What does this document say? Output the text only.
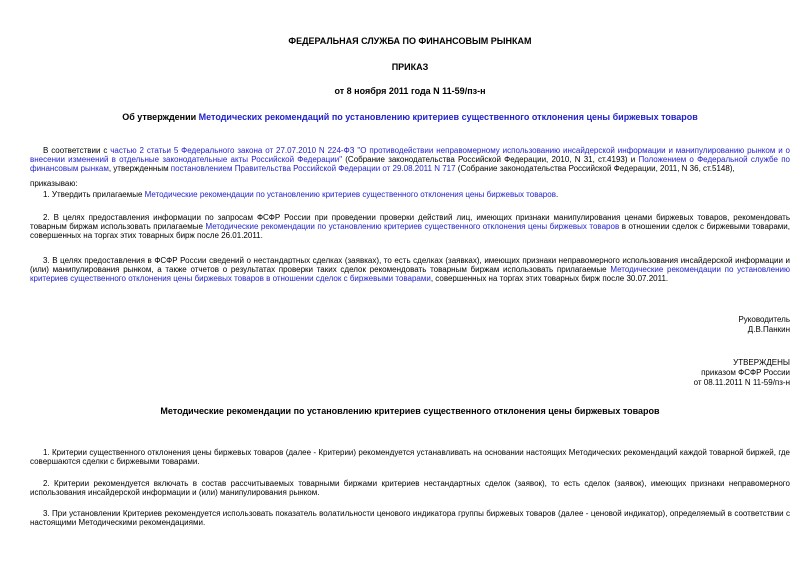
ФЕДЕРАЛЬНАЯ СЛУЖБА ПО ФИНАНСОВЫМ РЫНКАМ
ПРИКАЗ
от 8 ноября 2011 года N 11-59/пз-н
Об утверждении Методических рекомендаций по установлению критериев существенного отклонения цены биржевых товаров
В соответствии с частью 2 статьи 5 Федерального закона от 27.07.2010 N 224-ФЗ "О противодействии неправомерному использованию инсайдерской информации и манипулированию рынком и о внесении изменений в отдельные законодательные акты Российской Федерации" (Собрание законодательства Российской Федерации, 2010, N 31, ст.4193) и Положением о Федеральной службе по финансовым рынкам, утвержденным постановлением Правительства Российской Федерации от 29.08.2011 N 717 (Собрание законодательства Российской Федерации, 2011, N 36, ст.5148),
приказываю:
1. Утвердить прилагаемые Методические рекомендации по установлению критериев существенного отклонения цены биржевых товаров.
2. В целях предоставления информации по запросам ФСФР России при проведении проверки действий лиц, имеющих признаки манипулирования ценами биржевых товаров, рекомендовать товарным биржам использовать прилагаемые Методические рекомендации по установлению критериев существенного отклонения цены биржевых товаров в отношении сделок с биржевыми товарами, совершенных на торгах этих товарных бирж после 26.01.2011.
3. В целях предоставления в ФСФР России сведений о нестандартных сделках (заявках), то есть сделках (заявках), имеющих признаки неправомерного использования инсайдерской информации и (или) манипулирования рынком, а также отчетов о результатах проверки таких сделок рекомендовать товарным биржам использовать прилагаемые Методические рекомендации по установлению критериев существенного отклонения цены биржевых товаров в отношении сделок с биржевыми товарами, совершенных на торгах этих товарных бирж после 30.07.2011.
Руководитель
Д.В.Панкин
УТВЕРЖДЕНЫ
приказом ФСФР России
от 08.11.2011 N 11-59/пз-н
Методические рекомендации по установлению критериев существенного отклонения цены биржевых товаров
1. Критерии существенного отклонения цены биржевых товаров (далее - Критерии) рекомендуется устанавливать на основании настоящих Методических рекомендаций каждой товарной биржей, где совершаются сделки с биржевыми товарами.
2. Критерии рекомендуется включать в состав рассчитываемых товарными биржами критериев нестандартных сделок (заявок), то есть сделок (заявок), имеющих признаки неправомерного использования инсайдерской информации и (или) манипулирования рынком.
3. При установлении Критериев рекомендуется использовать показатель волатильности ценового индикатора группы биржевых товаров (далее - ценовой индикатор), определяемый в соответствии с настоящими Методическими рекомендациями.
